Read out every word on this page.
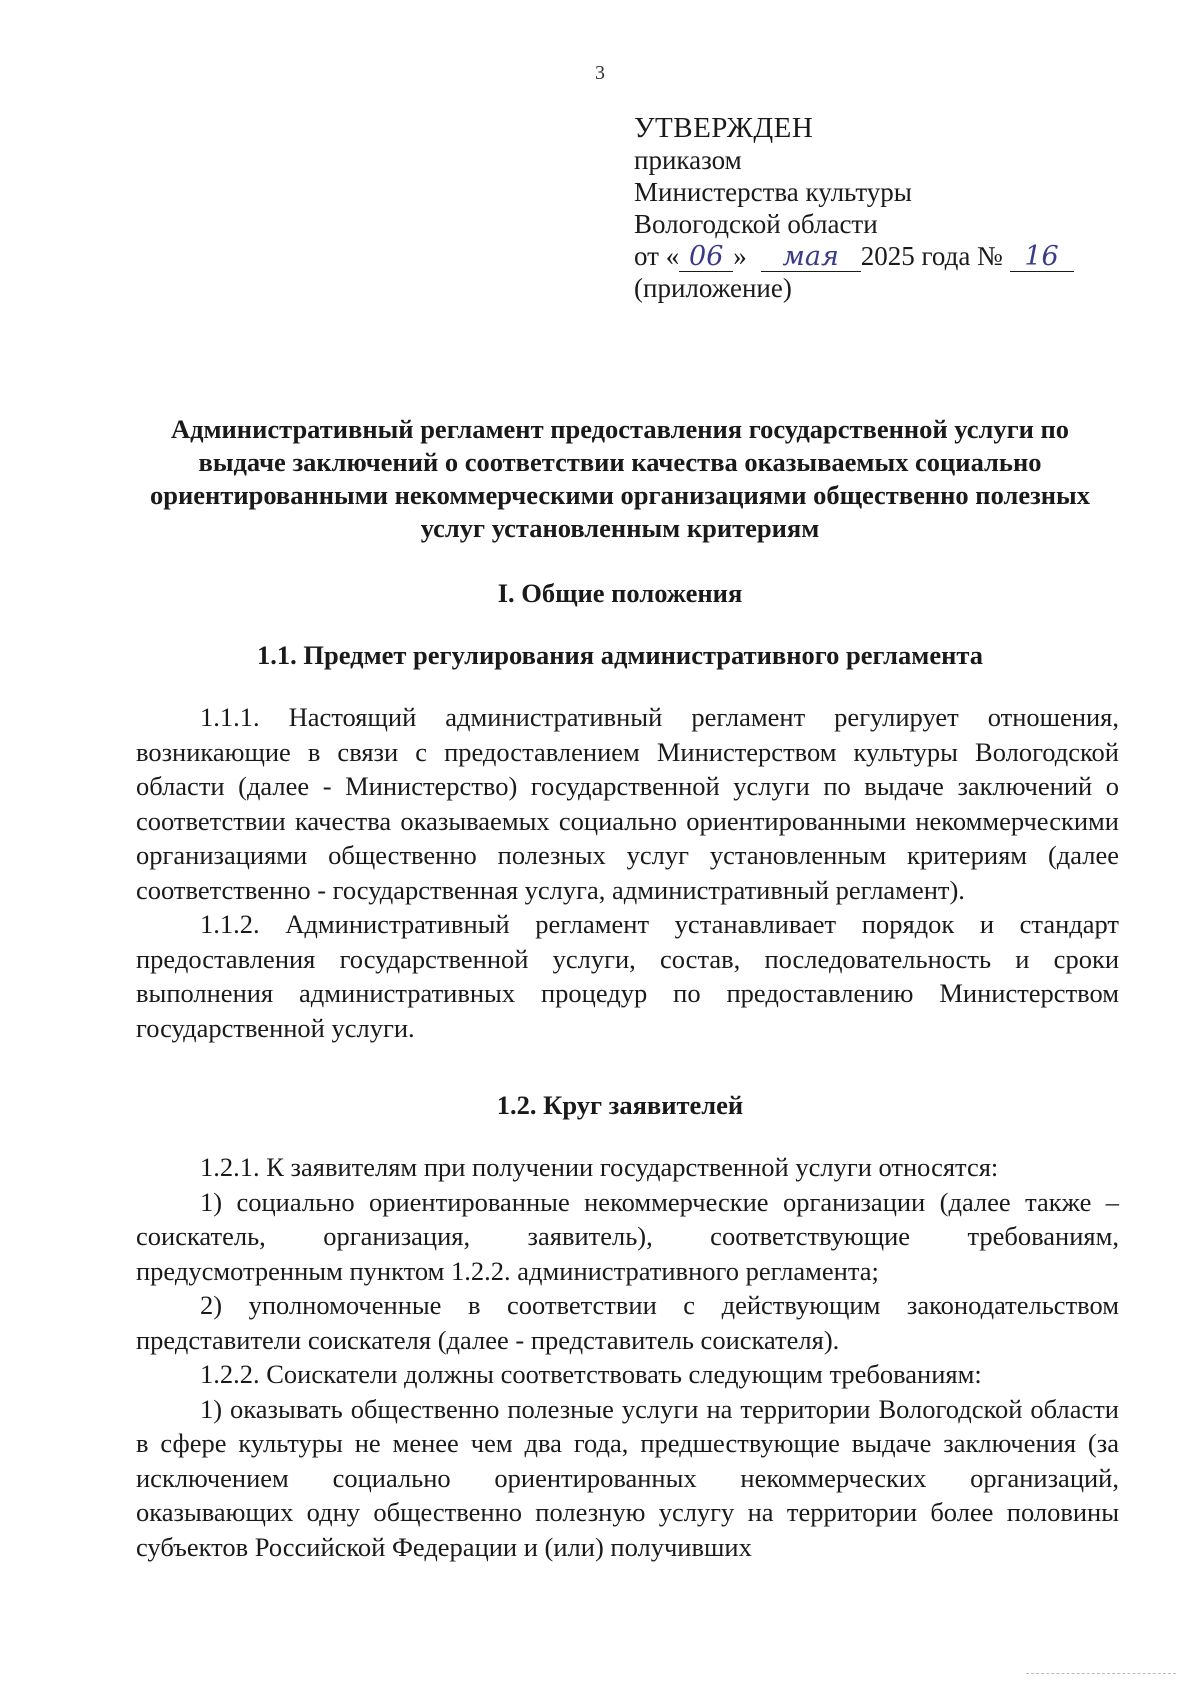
3
УТВЕРЖДЕН
приказом
Министерства культуры
Вологодской области
от « 06 » мая 2025 года № 16
(приложение)
Административный регламент предоставления государственной услуги по выдаче заключений о соответствии качества оказываемых социально ориентированными некоммерческими организациями общественно полезных услуг установленным критериям
I. Общие положения
1.1. Предмет регулирования административного регламента

1.1.1. Настоящий административный регламент регулирует отношения, возникающие в связи с предоставлением Министерством культуры Вологодской области (далее - Министерство) государственной услуги по выдаче заключений о соответствии качества оказываемых социально ориентированными некоммерческими организациями общественно полезных услуг установленным критериям (далее соответственно - государственная услуга, административный регламент).

1.1.2. Административный регламент устанавливает порядок и стандарт предоставления государственной услуги, состав, последовательность и сроки выполнения административных процедур по предоставлению Министерством государственной услуги.

1.2. Круг заявителей

1.2.1. К заявителям при получении государственной услуги относятся:

1) социально ориентированные некоммерческие организации (далее также – соискатель, организация, заявитель), соответствующие требованиям, предусмотренным пунктом 1.2.2. административного регламента;

2) уполномоченные в соответствии с действующим законодательством представители соискателя (далее - представитель соискателя).

1.2.2. Соискатели должны соответствовать следующим требованиям:

1) оказывать общественно полезные услуги на территории Вологодской области в сфере культуры не менее чем два года, предшествующие выдаче заключения (за исключением социально ориентированных некоммерческих организаций, оказывающих одну общественно полезную услугу на территории более половины субъектов Российской Федерации и (или) получивших
